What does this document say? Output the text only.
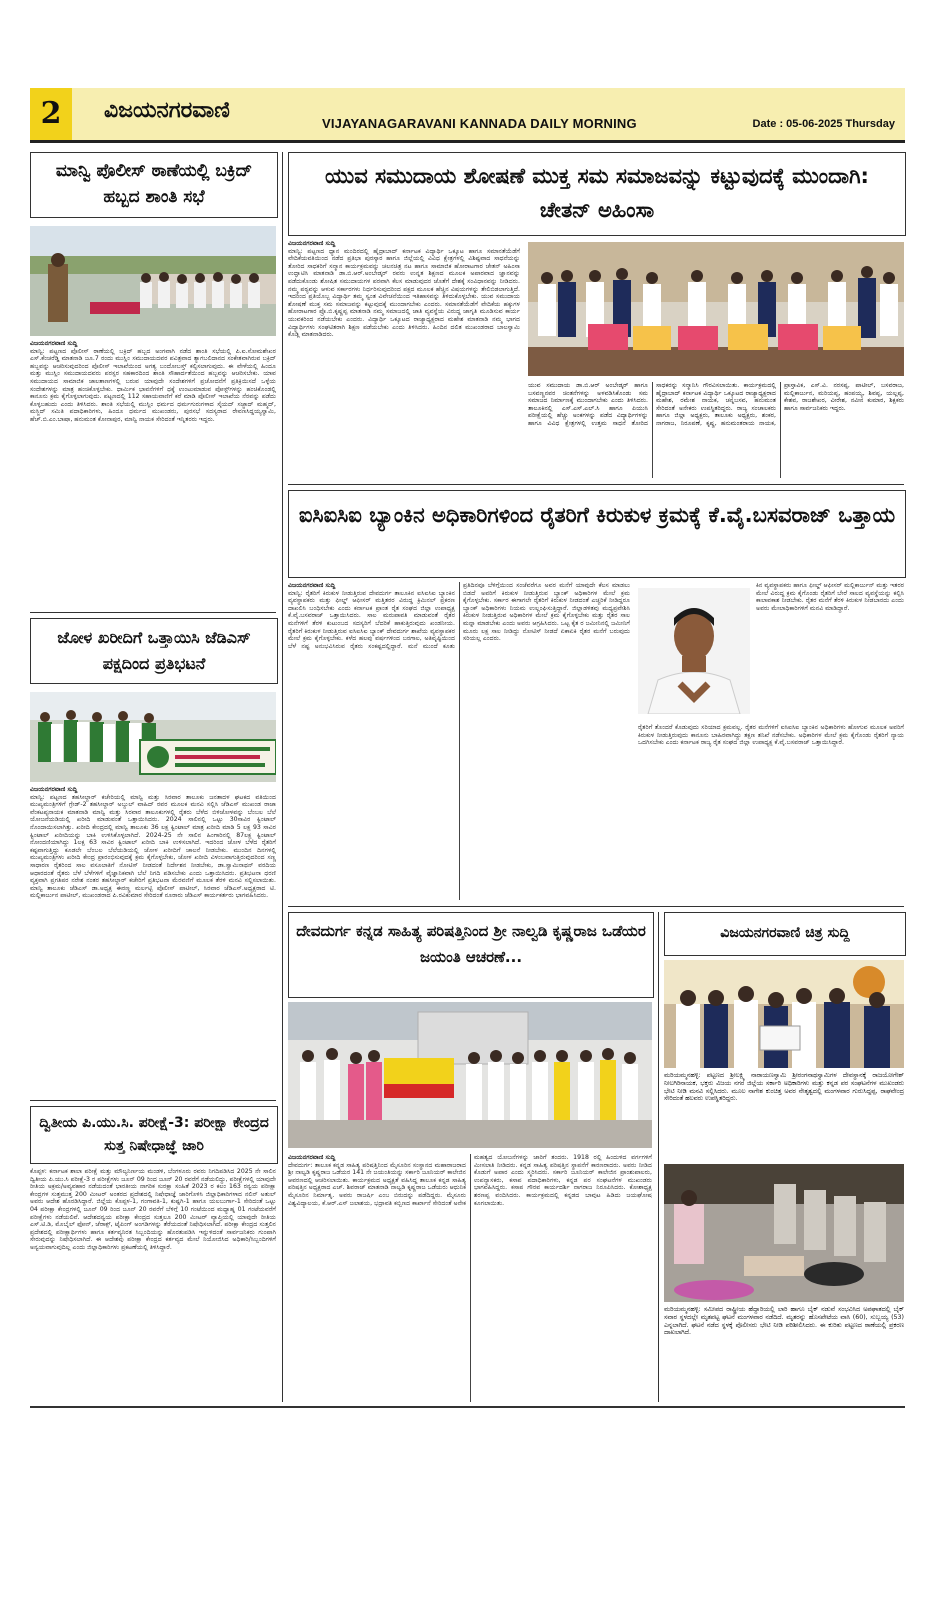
2	ವಿಜಯನಗರವಾಣಿ
VIJAYANAGARAVANI KANNADA DAILY MORNING	Date : 05-06-2025 Thursday
ಮಾನ್ವಿ ಪೊಲೀಸ್ ಠಾಣೆಯಲ್ಲಿ ಬಕ್ರಿದ್ ಹಬ್ಬದ ಶಾಂತಿ ಸಭೆ
ವಿಜಯನಗರವಾಣಿ ಸುದ್ದಿ
ಮಾನ್ವಿ: ಪಟ್ಟಣದ ಪೊಲೀಸ್ ಠಾಣೆಯಲ್ಲಿ ಬಕ್ರಿದ್ ಹಬ್ಬದ ಅಂಗವಾಗಿ ನಡೆದ ಶಾಂತಿ ಸಭೆಯಲ್ಲಿ ಪಿ.ಐ.ಸೋಮಶೇಖರ ಎಸ್.ಕೆಂಚರೆಡ್ಡಿ ಮಾತನಾಡಿ ಜೂ.7 ರಂದು ಮುಸ್ಲಿಂ ಸಮುದಾಯದವರ ಪವಿತ್ರವಾದ ತ್ಯಾಗಬಲಿದಾನದ ಸಂಕೇತವಾಗಿರುವ ಬಕ್ರಿದ್ ಹಬ್ಬವನ್ನು ಆಚರಿಸುವುದರಿಂದ ಪೊಲೀಸ್ ಇಲಾಖೆಯಿಂದ ಅಗತ್ಯ ಬಂದೋಬಸ್ತ್ ಕಲ್ಪಿಸಲಾಗುವುದು. ಈ ವೇಳೆಯಲ್ಲಿ ಹಿಂದೂ ಮತ್ತು ಮುಸ್ಲಿಂ ಸಮುದಾಯದವರು ಪರಸ್ಪರ ಸಹಕಾರದಿಂದ ಶಾಂತಿ ಸೌಹಾರ್ದತೆಯಿಂದ ಹಬ್ಬವನ್ನು ಆಚರಿಸಬೇಕು. ಯಾವ ಸಮುದಾಯದ ಸಾಮಾಜಿಕ ಜಾಲತಾಣಗಳಲ್ಲಿ ಬರುವ ಯಾವುದೇ ಸಂದೇಶಗಳಿಗೆ ಪ್ರಚೋದನೆಗೆ ಪ್ರತಿಕ್ರಿಯಿಸದೆ ಒಳ್ಳೆಯ ಸಂದೇಶಗಳನ್ನು ಮಾತ್ರ ಹಂಚಿಕೊಳ್ಳಬೇಕು. ಧಾರ್ಮಿಕ ಭಾವನೆಗಳಿಗೆ ಧಕ್ಕೆ ಉಂಟುಮಾಡುವ ಪೋಸ್ಟ್‌ಗಳನ್ನು ಹಂಚಿಕೊಂಡಲ್ಲಿ ಕಾನೂನು ಕ್ರಮ ಕೈಗೊಳ್ಳಲಾಗುವುದು. ಪಟ್ಟಣದಲ್ಲಿ 112 ಸಹಾಯವಾಣಿಗೆ ಕರೆ ಮಾಡಿ ಪೊಲೀಸ್ ಇಲಾಖೆಯ ನೆರವನ್ನು ಪಡೆದು ಕೊಳ್ಳಬಹುದು ಎಂದು ತಿಳಿಸಿದರು. ಶಾಂತಿ ಸಭೆಯಲ್ಲಿ ಮುಸ್ಲಿಂ ಧರ್ಮದ ಧರ್ಮಗುರುಗಳಾದ ಸೈಯದ್ ಸಜ್ಜಾದ್ ಮಹ್ಮದ್, ಮಸ್ಜಿದ್ ಸಮಿತಿ ಪದಾಧಿಕಾರಿಗಳು, ಹಿಂದೂ ಧರ್ಮದ ಮುಖಂಡರು, ಪುರಸಭೆ ಸದಸ್ಯರಾದ ರೇವಣಸಿದ್ದಯ್ಯಸ್ವಾಮಿ, ಹೆಚ್.ಬಿ.ಎಂ.ಬಾಷಾ, ಹನುಮಂತ ಕೋನಾಪುರ, ಮಾನ್ವಿ ನಾಯಕ ಸೇರಿದಂತೆ ಇನ್ನಿತರರು ಇದ್ದರು.
ಜೋಳ ಖರೀದಿಗೆ ಒತ್ತಾಯಿಸಿ ಜೆಡಿಎಸ್ ಪಕ್ಷದಿಂದ ಪ್ರತಿಭಟನೆ
ವಿಜಯನಗರವಾಣಿ ಸುದ್ದಿ
ಮಾನ್ವಿ: ಪಟ್ಟಣದ ತಹಸೀಲ್ದಾರ್ ಕಚೇರಿಯಲ್ಲಿ ಮಾನ್ವಿ ಮತ್ತು ಸಿರವಾರ ತಾಲೂಕು ಜನತಾದಳ ಘಟಕದ ವತಿಯಿಂದ ಮುಖ್ಯಮಂತ್ರಿಗಳಿಗೆ ಗ್ರೇಡ್-2 ತಹಸೀಲ್ದಾರ್ ಅಬ್ದುಲ್ ವಾಹಿದ್ ರವರ ಮೂಲಕ ಮನವಿ ಸಲ್ಲಿಸಿ ಜೆಡಿಎಸ್ ಮುಖಂಡ ರಾಜಾ ವೆಂಕಟಪ್ಪನಾಯಕ ಮಾತನಾಡಿ ಮಾನ್ವಿ ಮತ್ತು ಸಿರವಾರ ತಾಲೂಕುಗಳಲ್ಲಿ ರೈತರು ಬೆಳೆದ ಬಿಳಿಜೋಳವನ್ನು ಬೆಂಬಲ ಬೆಲೆ ಯೋಜನೆಯಡಿಯಲ್ಲಿ ಖರೀದಿ ಮಾಡುವಂತೆ ಒತ್ತಾಯಿಸಿದರು. 2024 ಸಾಲಿನಲ್ಲಿ ಒಟ್ಟು 30ಸಾವಿರ ಕ್ವಿಂಟಾಲ್ ನೊಂದಾಯಿಸಲಾಗಿತ್ತು. ಖರೀದಿ ಕೇಂದ್ರದಲ್ಲಿ ಮಾನ್ವಿ ತಾಲೂಕು 36 ಲಕ್ಷ ಕ್ವಿಂಟಾಲ್ ಮಾತ್ರ ಖರೀದಿ ಮಾಡಿ 5 ಲಕ್ಷ 93 ಸಾವಿರ ಕ್ವಿಂಟಾಲ್ ಖರೀದಿಯನ್ನು ಬಾಕಿ ಉಳಿಸಿಕೊಳ್ಳಲಾಗಿದೆ. 2024-25 ನೇ ಸಾಲಿನ ಹಿಂಗಾರಿನಲ್ಲಿ 87ಲಕ್ಷ ಕ್ವಿಂಟಾಲ್ ನೋಂದಣಿಯಾಗಿದ್ದು 1ಲಕ್ಷ 63 ಸಾವಿರ ಕ್ವಿಂಟಾಲ್ ಖರೀದಿ ಬಾಕಿ ಉಳಿಸಲಾಗಿದೆ. ಇದರಿಂದ ಜೋಳ ಬೆಳೆದ ರೈತರಿಗೆ ಕಷ್ಟವಾಗುತ್ತಿದ್ದು ಕೂಡಲೇ ಬೆಂಬಲ ಬೆಲೆಯಡಿಯಲ್ಲಿ ಜೋಳ ಖರೀದಿಗೆ ಚಾಲನೆ ನೀಡಬೇಕು. ಮುಂದಿನ ದಿನಗಳಲ್ಲಿ ಮುಖ್ಯಮಂತ್ರಿಗಳು ಖರೀದಿ ಕೇಂದ್ರ ಪ್ರಾರಂಭಿಸುವುದಕ್ಕೆ ಕ್ರಮ ಕೈಗೊಳ್ಳಬೇಕು, ಜೋಳ ಖರೀದಿ ವಿಳಂಬವಾಗುತ್ತಿರುವುದರಿಂದ ಸಣ್ಣ ಸಾಧಾರಣ ರೈತರಿಂದ ಸಾಲ ವಸೂಲಾತಿಗೆ ನೋಟಿಸ್ ನೀಡದಂತೆ ನಿರ್ದೇಶನ ನೀಡಬೇಕು, ಡಾ.ಸ್ವಾಮಿನಾಥನ್ ವರದಿಯ ಆಧಾರದಂತೆ ರೈತರು ಬೆಳೆ ಬೆಳೆಗಳಿಗೆ ವೈಜ್ಞಾನಿಕವಾಗಿ ಬೆಲೆ ನಿಗದಿ ಪಡಿಸಬೇಕು ಎಂದು ಒತ್ತಾಯಿಸಿದರು. ಪ್ರತಿಭಟನಾ ಧರಣಿ ವ್ಯಕ್ತವಾಗಿ ಪ್ರಗತಿಪರ ನರೇಶ ನಂತರ ತಹಸೀಲ್ದಾರ್ ಕಚೇರಿಗೆ ಪ್ರತಿಭಟನಾ ಮೆರವಣಿಗೆ ಮೂಲಕ ತೆರಳಿ ಮನವಿ ಸಲ್ಲಿಸಲಾಯಿತು. ಮಾನ್ವಿ ತಾಲೂಕು ಜೆಡಿಎಸ್ ಡಾ.ಅಧ್ಯಕ್ಷ ಈರಣ್ಣ ಮರ್ಲಟ್ಟಿ ಪೊಲೀಸ್ ಪಾಟೀಲ್, ಸಿರವಾರ ಜೆಡಿಎಸ್.ಅಧ್ಯಕ್ಷರಾದ ಟಿ. ಮಲ್ಲಿಕಾರ್ಜುನ ಪಾಟೀಲ್, ಮುಖಂಡರಾದ ಪಿ.ರವಿಕುಮಾರ ಸೇರಿದಂತೆ ನೂರಾರು ಜೆಡಿಎಸ್ ಕಾರ್ಯಕರ್ತರು ಭಾಗವಹಿಸಿದರು.
ದ್ವಿತೀಯ ಪಿ.ಯು.ಸಿ. ಪರೀಕ್ಷೆ-3: ಪರೀಕ್ಷಾ ಕೇಂದ್ರದ ಸುತ್ತ ನಿಷೇಧಾಜ್ಞೆ ಜಾರಿ
ಕೊಪ್ಪಳ: ಕರ್ನಾಟಕ ಶಾಲಾ ಪರೀಕ್ಷೆ ಮತ್ತು ಮೌಲ್ಯನಿರ್ಣಯ ಮಂಡಳಿ, ಬೆಂಗಳೂರು ರವರು ನಿಗದಿಪಡಿಸಿದ 2025 ನೇ ಸಾಲಿನ ದ್ವಿತೀಯ ಪಿ.ಯು.ಸಿ ಪರೀಕ್ಷೆ-3 ರ ಪರೀಕ್ಷೆಗಳು ಜೂನ್ 09 ರಿಂದ ಜೂನ್ 20 ರವರೆಗೆ ನಡೆಯಲಿದ್ದು, ಪರೀಕ್ಷೆಗಳಲ್ಲಿ ಯಾವುದೇ ರೀತಿಯ ಅಕ್ರಮ/ಅವ್ಯವಹಾರ ನಡೆಯದಂತೆ ಭಾರತೀಯ ನಾಗರಿಕ ಸುರಕ್ಷಾ ಸಂಹಿತೆ 2023 ರ ಕಲಂ 163 ರನ್ವಯ ಪರೀಕ್ಷಾ ಕೇಂದ್ರಗಳ ಸುತ್ತಮುತ್ತ 200 ಮೀಟರ್ ಅಂತರದ ಪ್ರದೇಶದಲ್ಲಿ ನಿಷೇಧಾಜ್ಞೆ ಜಾರಿಗೊಳಿಸಿ ಜಿಲ್ಲಾಧಿಕಾರಿಗಳಾದ ನಲಿನ್ ಅತುಲ್ ಅವರು ಆದೇಶ ಹೊರಡಿಸಿದ್ದಾರೆ. ಜಿಲ್ಲೆಯ ಕೊಪ್ಪಳ-1, ಗಂಗಾವತಿ-1, ಕುಷ್ಟಗಿ-1 ಹಾಗೂ ಯಲಬುರ್ಗಾ-1 ಸೇರಿದಂತೆ ಒಟ್ಟು 04 ಪರೀಕ್ಷಾ ಕೇಂದ್ರಗಳಲ್ಲಿ ಜೂನ್ 09 ರಿಂದ ಜೂನ್ 20 ರವರೆಗೆ ಬೆಳಿಗ್ಗೆ 10 ಗಂಟೆಯಿಂದ ಮಧ್ಯಾಹ್ನ 01 ಗಂಟೆಯವರೆಗೆ ಪರೀಕ್ಷೆಗಳು ನಡೆಯಲಿವೆ. ಆದೇಶದನ್ವಯ ಪರೀಕ್ಷಾ ಕೇಂದ್ರದ ಸುತ್ತಲೂ 200 ಮೀಟರ್ ವ್ಯಾಪ್ತಿಯಲ್ಲಿ ಯಾವುದೇ ರೀತಿಯ ಎಸ್.ಟಿ.ಡಿ, ಮೊಬೈಲ್ ಫೋನ್, ಜೆರಾಕ್ಸ್, ಟೈಪಿಂಗ್ ಅಂಗಡಿಗಳನ್ನು ತೆರೆಯದಂತೆ ನಿಷೇಧಿಸಲಾಗಿದೆ. ಪರೀಕ್ಷಾ ಕೇಂದ್ರದ ಸುತ್ತಲಿನ ಪ್ರದೇಶದಲ್ಲಿ ಪರೀಕ್ಷಾರ್ಥಿಗಳು ಹಾಗೂ ಕರ್ತವ್ಯನಿರತ ಸಿಬ್ಬಂದಿಯನ್ನು ಹೊರತುಪಡಿಸಿ ಇನ್ನುಳಿದಂತೆ ಸಾರ್ವಜನಿಕರು ಗುಂಪಾಗಿ ಸೇರುವುದನ್ನು ನಿಷೇಧಿಸಲಾಗಿದೆ. ಈ ಆದೇಶವು ಪರೀಕ್ಷಾ ಕೇಂದ್ರದ ಕರ್ತವ್ಯದ ಮೇಲೆ ನಿಯೋಜಿಸಿದ ಅಧಿಕಾರಿ/ಸಿಬ್ಬಂದಿಗಳಿಗೆ ಅನ್ವಯವಾಗುವುದಿಲ್ಲ ಎಂದು ಜಿಲ್ಲಾಧಿಕಾರಿಗಳು ಪ್ರಕಟಣೆಯಲ್ಲಿ ತಿಳಿಸಿದ್ದಾರೆ.
ಯುವ ಸಮುದಾಯ ಶೋಷಣೆ ಮುಕ್ತ ಸಮ ಸಮಾಜವನ್ನು ಕಟ್ಟುವುದಕ್ಕೆ ಮುಂದಾಗಿ: ಚೇತನ್ ಅಹಿಂಸಾ
ವಿಜಯನಗರವಾಣಿ ಸುದ್ದಿ
ಮಾನ್ವಿ: ಪಟ್ಟಣದ ಧ್ಯಾನ ಮಂದಿರದಲ್ಲಿ ಹೈದ್ರಾಬಾದ್ ಕರ್ನಾಟಕ ವಿದ್ಯಾರ್ಥಿ ಒಕ್ಕೂಟ ಹಾಗೂ ಸಮಾನತೆಯೆಡೆಗೆ ವೇದಿಕೆಯವತಿಯಿಂದ ನಡೆದ ಪ್ರತಿಭಾ ಪುರಸ್ಕಾರ ಹಾಗೂ ಜಿಲ್ಲೆಯಲ್ಲಿ ವಿವಿಧ ಕ್ಷೇತ್ರಗಳಲ್ಲಿ ವಿಶಿಷ್ಟವಾದ ಸಾಧನೆಯನ್ನು ತೋರಿದ ಸಾಧಕರಿಗೆ ಸನ್ಮಾನ ಕಾರ್ಯಕ್ರಮವನ್ನು ಚಲನಚಿತ್ರ ನಟ ಹಾಗೂ ಸಾಮಾಜಿಕ ಹೋರಾಟಗಾರ ಚೇತನ್ ಅಹಿಂಸಾ ಉದ್ಘಾಟಿಸಿ ಮಾತನಾಡಿ ಡಾ.ಬಿ.ಆರ್.ಅಂಬೇಡ್ಕರ್ ರವರು ಉನ್ನತ ಶಿಕ್ಷಣದ ಮೂಲಕ ಅಪಾರವಾದ ಜ್ಞಾನವನ್ನು ಪಡೆದುಕೊಂಡು ಶೋಷಿತ ಸಮುದಾಯಗಳ ಪರವಾಗಿ ಕೆಲಸ ಮಾಡುವುದರ ಜೊತೆಗೆ ದೇಶಕ್ಕೆ ಸಂವಿಧಾನವನ್ನು ನೀಡಿದರು. ನಮ್ಮ ಪಠ್ಯವನ್ನು ಆಳುವ ಸರ್ಕಾರಗಳು ನಿರ್ಧರಿಸುವುದರಿಂದ ಪಕ್ಷದ ಮೂಲಕ ಹೆಚ್ಚಿನ ವಿಷಯಗಳನ್ನು ತೇಲಿಬಿಡಲಾಗುತ್ತಿದೆ. ಇದರಿಂದ ಪ್ರತಿಯೊಬ್ಬ ವಿದ್ಯಾರ್ಥಿ ತಮ್ಮ ಸ್ವಂತ ವಿವೇಚನೆಯಿಂದ ಇತಿಹಾಸವನ್ನು ತಿಳಿದುಕೊಳ್ಳಬೇಕು. ಯುವ ಸಮುದಾಯ ಶೋಷಣೆ ಮುಕ್ತ ಸಮ ಸಮಾಜವನ್ನು ಕಟ್ಟುವುದಕ್ಕೆ ಮುಂದಾಗಬೇಕು ಎಂದರು. ಸಮಾನತೆಯೆಡೆಗೆ ವೇದಿಕೆಯ ಹಕ್ಕುಗಳ ಹೋರಾಟಗಾರ ಪ್ರೊ.ಬಿ.ಕೃಷ್ಣಪ್ಪ ಮಾತನಾಡಿ ನಮ್ಮ ಸಮಾಜದಲ್ಲಿ ಜಾತಿ ವ್ಯವಸ್ಥೆಯ ವಿರುದ್ಧ ಜಾಗೃತಿ ಮೂಡಿಸುವ ಕಾರ್ಯ ಯುವಕರಿಂದ ನಡೆಯಬೇಕು ಎಂದರು. ವಿದ್ಯಾರ್ಥಿ ಒಕ್ಕೂಟದ ರಾಜ್ಯಾಧ್ಯಕ್ಷರಾದ ಮಹೇಶ ಮಾತನಾಡಿ ನಮ್ಮ ಭಾಗದ ವಿದ್ಯಾರ್ಥಿಗಳು ಸಂಘಟಿತರಾಗಿ ಶಿಕ್ಷಣ ಪಡೆಯಬೇಕು ಎಂದು ತಿಳಿಸಿದರು. ಹಿಂದಿನ ದಲಿತ ಮುಖಂಡರಾದ ಬಾಲಸ್ವಾಮಿ ಕೊಡ್ಲಿ ಮಾತನಾಡಿದರು.
ಯುವ ಸಮುದಾಯ ಡಾ.ಬಿ.ಆರ್ ಅಂಬೇಡ್ಕರ್ ಹಾಗೂ ಬಸವಣ್ಣನವರ ಚಿಂತನೆಗಳನ್ನು ಅಳವಡಿಸಿಕೊಂಡು ಸಮ ಸಮಾಜದ ನಿರ್ಮಾಣಕ್ಕೆ ಮುಂದಾಗಬೇಕು ಎಂದು ತಿಳಿಸಿದರು. ತಾಲೂಕಿನಲ್ಲಿ ಎಸ್.ಎಸ್.ಎಲ್.ಸಿ ಹಾಗೂ ಪಿಯುಸಿ ಪರೀಕ್ಷೆಯಲ್ಲಿ ಹೆಚ್ಚು ಅಂಕಗಳನ್ನು ಪಡೆದ ವಿದ್ಯಾರ್ಥಿಗಳನ್ನು ಹಾಗೂ ವಿವಿಧ ಕ್ಷೇತ್ರಗಳಲ್ಲಿ ಉತ್ತಮ ಸಾಧನೆ ತೋರಿದ ಸಾಧಕರನ್ನು ಸನ್ಮಾನಿಸಿ ಗೌರವಿಸಲಾಯಿತು. ಕಾರ್ಯಕ್ರಮದಲ್ಲಿ ಹೈದ್ರಾಬಾದ್ ಕರ್ನಾಟಕ ವಿದ್ಯಾರ್ಥಿ ಒಕ್ಕೂಟದ ರಾಜ್ಯಾಧ್ಯಕ್ಷರಾದ ಮಹೇಶ, ರಮೇಶ ನಾಯಕ, ಚನ್ನಬಸವ, ಹನುಮಂತ ಸೇರಿದಂತೆ ಅನೇಕರು ಉಪಸ್ಥಿತರಿದ್ದರು. ರಾಜ್ಯ ಸಂಚಾಲಕರು ಹಾಗೂ ಜಿಲ್ಲಾ ಅಧ್ಯಕ್ಷರು, ತಾಲೂಕು ಅಧ್ಯಕ್ಷರು, ಶಂಕರ, ನಾಗರಾಜ, ನಿರೂಪಣೆ, ಕೃಷ್ಣ, ಹನುಮಂತರಾಯ ನಾಯಕ, ಪ್ರಾಸ್ತಾವಿಕ, ಎಸ್.ವಿ. ನರಸಪ್ಪ, ಪಾಟೀಲ್, ಬಸವರಾಜ, ಮಲ್ಲಿಕಾರ್ಜುನ, ಮರಿಯಪ್ಪ, ಹಂಪಯ್ಯ, ಶಿವಪ್ಪ, ಯಲ್ಲಪ್ಪ, ಕೇಶವ, ರಾಜಶೇಖರ, ವೀರೇಶ, ನವೀನ ಕುಮಾರ, ಶಿಕ್ಷಕರು ಹಾಗೂ ಸಾರ್ವಜನಿಕರು ಇದ್ದರು.
ಐಸಿಐಸಿಐ ಬ್ಯಾಂಕಿನ ಅಧಿಕಾರಿಗಳಿಂದ ರೈತರಿಗೆ ಕಿರುಕುಳ ಕ್ರಮಕ್ಕೆ ಕೆ.ವೈ.ಬಸವರಾಜ್ ಒತ್ತಾಯ
ವಿಜಯನಗರವಾಣಿ ಸುದ್ದಿ
ಮಾನ್ವಿ: ರೈತರಿಗೆ ಕಿರುಕುಳ ನೀಡುತ್ತಿರುವ ದೇವದುರ್ಗ ತಾಲೂಕಿನ ಐಸಿಐಸಿಐ ಬ್ಯಾಂಕಿನ ವ್ಯವಸ್ಥಾಪಕರು ಮತ್ತು ಫೀಲ್ಡ್ ಆಫೀಸರ್ ಮತ್ತಿತರರ ವಿರುದ್ಧ ಕ್ರಿಮಿನಲ್ ಪ್ರಕರಣ ದಾಖಲಿಸಿ ಬಂಧಿಸಬೇಕು ಎಂದು ಕರ್ನಾಟಕ ಪ್ರಾಂತ ರೈತ ಸಂಘದ ಜಿಲ್ಲಾ ಉಪಾಧ್ಯಕ್ಷ ಕೆ.ವೈ.ಬಸವರಾಜ್ ಒತ್ತಾಯಿಸಿದರು. ಸಾಲ ಮರುಪಾವತಿ ಮಾಡುವಂತೆ ರೈತರ ಮನೆಗಳಿಗೆ ತೆರಳಿ ಕುಟುಂಬದ ಸದಸ್ಯರಿಗೆ ಬೆದರಿಕೆ ಹಾಕುತ್ತಿರುವುದು ಖಂಡನೀಯ. ರೈತರಿಗೆ ಕಿರುಕುಳ ನೀಡುತ್ತಿರುವ ಐಸಿಐಸಿಐ ಬ್ಯಾಂಕ್ ದೇವದುರ್ಗ ಶಾಖೆಯ ವ್ಯವಸ್ಥಾಪಕರ ಮೇಲೆ ಕ್ರಮ ಕೈಗೊಳ್ಳಬೇಕು. ಕಳೆದ ಹಲವು ವರ್ಷಗಳಿಂದ ಬರಗಾಲ, ಅತಿವೃಷ್ಟಿಯಿಂದ ಬೆಳೆ ನಷ್ಟ ಅನುಭವಿಸಿರುವ ರೈತರು ಸಂಕಷ್ಟದಲ್ಲಿದ್ದಾರೆ. ಮನೆ ಮುಂದೆ ಕೂತು ಪ್ರತಿದಿನವೂ ಬೆಳಿಗ್ಗೆಯಿಂದ ಸಂಜೆವರೆಗೂ ಅವರ ಮನೆಗೆ ಯಾವುದೇ ಕೆಲಸ ಮಾಡಲು ಬಿಡದೆ ಅವರಿಗೆ ಕಿರುಕುಳ ನೀಡುತ್ತಿರುವ ಬ್ಯಾಂಕ್ ಅಧಿಕಾರಿಗಳ ಮೇಲೆ ಕ್ರಮ ಕೈಗೊಳ್ಳಬೇಕು. ಸರ್ಕಾರ ಈಗಾಗಲೇ ರೈತರಿಗೆ ಕಿರುಕುಳ ನೀಡದಂತೆ ಎಚ್ಚರಿಕೆ ನೀಡಿದ್ದರೂ ಬ್ಯಾಂಕ್ ಅಧಿಕಾರಿಗಳು ನಿಯಮ ಉಲ್ಲಂಘಿಸುತ್ತಿದ್ದಾರೆ. ಜಿಲ್ಲಾಡಳಿತವು ಮಧ್ಯಪ್ರವೇಶಿಸಿ ಕಿರುಕುಳ ನೀಡುತ್ತಿರುವ ಅಧಿಕಾರಿಗಳ ಮೇಲೆ ಕ್ರಮ ಕೈಗೊಳ್ಳಬೇಕು ಮತ್ತು ರೈತರ ಸಾಲ ಮನ್ನಾ ಮಾಡಬೇಕು ಎಂದು ಅವರು ಆಗ್ರಹಿಸಿದರು. ಒಟ್ಟ ಕೈತ ರ ಜಮೀನಿನಲ್ಲಿ ಜಮೀನಿಗೆ ಮೂರು ಲಕ್ಷ ಸಾಲ ನೀಡಿದ್ದು ನೋಟಿಸ್ ನೀಡದೆ ಏಕಾಏಕಿ ರೈತರ ಮನೆಗೆ ಬರುವುದು ಸರಿಯಲ್ಲ ಎಂದರು.
ಕಿನ ವ್ಯವಸ್ಥಾಪಕರು ಹಾಗೂ ಫೀಲ್ಡ್ ಆಫೀಸರ್ ಮಲ್ಲಿಕಾರ್ಜುನ್ ಮತ್ತು ಇತರರ ಮೇಲೆ ವಿರುದ್ಧ ಕ್ರಮ ಕೈಗೊಂಡು ರೈತರಿಗೆ ಬೇರೆ ಸಾಲದ ವ್ಯವಸ್ಥೆಯನ್ನು ಕಲ್ಪಿಸಿ ಕಾಲಾವಕಾಶ ನೀಡಬೇಕು. ರೈತರ ಮನೆಗೆ ತೆರಳಿ ಕಿರುಕುಳ ನೀಡಬಾರದು ಎಂದು ಅವರು ಮೇಲಾಧಿಕಾರಿಗಳಿಗೆ ಮನವಿ ಮಾಡಿದ್ದಾರೆ.
ರೈತರಿಗೆ ತೊಂದರೆ ಕೊಡುವುದು ಸರಿಯಾದ ಕ್ರಮವಲ್ಲ. ರೈತರ ಮನೆಗಳಿಗೆ ಐಸಿಐಸಿಐ ಬ್ಯಾಂಕಿನ ಅಧಿಕಾರಿಗಳು ಹೋಗುವ ಮೂಲಕ ಅವರಿಗೆ ಕಿರುಕುಳ ನೀಡುತ್ತಿರುವುದು ಕಾನೂನು ಬಾಹಿರವಾಗಿದ್ದು ತಕ್ಷಣ ತನಿಖೆ ನಡೆಸಬೇಕು. ಅಧಿಕಾರಿಗಳ ಮೇಲೆ ಕ್ರಮ ಕೈಗೊಂಡು ರೈತರಿಗೆ ನ್ಯಾಯ ಒದಗಿಸಬೇಕು ಎಂದು ಕರ್ನಾಟಕ ರಾಜ್ಯ ರೈತ ಸಂಘದ ಜಿಲ್ಲಾ ಉಪಾಧ್ಯಕ್ಷ ಕೆ.ವೈ.ಬಸವರಾಜ್ ಒತ್ತಾಯಿಸಿದ್ದಾರೆ.
ದೇವದುರ್ಗ ಕನ್ನಡ ಸಾಹಿತ್ಯ ಪರಿಷತ್ತಿನಿಂದ ಶ್ರೀ ನಾಲ್ವಡಿ ಕೃಷ್ಣರಾಜ ಒಡೆಯರ ಜಯಂತಿ ಆಚರಣೆ...
ವಿಜಯನಗರವಾಣಿ ಸುದ್ದಿ
ದೇವದುರ್ಗ: ತಾಲೂಕ ಕನ್ನಡ ಸಾಹಿತ್ಯ ಪರಿಷತ್ತಿನಿಂದ ಮೈಸೂರಿನ ಸಂಸ್ಥಾನದ ಮಹಾರಾಜರಾದ ಶ್ರೀ ನಾಲ್ವಡಿ ಕೃಷ್ಣರಾಜ ಒಡೆಯರ 141 ನೇ ಜಯಂತಿಯನ್ನು ಸರ್ಕಾರಿ ಜೂನಿಯರ್ ಕಾಲೇಜಿನ ಆವರಣದಲ್ಲಿ ಆಚರಿಸಲಾಯಿತು. ಕಾರ್ಯಕ್ರಮದ ಅಧ್ಯಕ್ಷತೆ ವಹಿಸಿದ್ದ ತಾಲೂಕ ಕನ್ನಡ ಸಾಹಿತ್ಯ ಪರಿಷತ್ತಿನ ಅಧ್ಯಕ್ಷರಾದ ಎಚ್. ಶಿವರಾಜ್ ಮಾತನಾಡಿ ನಾಲ್ವಡಿ ಕೃಷ್ಣರಾಜ ಒಡೆಯರು ಆಧುನಿಕ ಮೈಸೂರಿನ ನಿರ್ಮಾತೃ. ಅವರು ರಾಜರ್ಷಿ ಎಂಬ ಬಿರುದನ್ನು ಪಡೆದಿದ್ದರು. ಮೈಸೂರು ವಿಶ್ವವಿದ್ಯಾಲಯ, ಕೆ.ಆರ್.ಎಸ್ ಜಲಾಶಯ, ಭದ್ರಾವತಿ ಕಬ್ಬಿಣದ ಕಾರ್ಖಾನೆ ಸೇರಿದಂತೆ ಅನೇಕ ಮಹತ್ವದ ಯೋಜನೆಗಳನ್ನು ಜಾರಿಗೆ ತಂದರು. 1918 ರಲ್ಲಿ ಹಿಂದುಳಿದ ವರ್ಗಗಳಿಗೆ ಮೀಸಲಾತಿ ನೀಡಿದರು. ಕನ್ನಡ ಸಾಹಿತ್ಯ ಪರಿಷತ್ತಿನ ಸ್ಥಾಪನೆಗೆ ಕಾರಣರಾದರು. ಅವರು ನೀಡಿದ ಕೊಡುಗೆ ಅಪಾರ ಎಂದು ಸ್ಮರಿಸಿದರು. ಸರ್ಕಾರಿ ಜೂನಿಯರ್ ಕಾಲೇಜಿನ ಪ್ರಾಂಶುಪಾಲರು, ಉಪನ್ಯಾಸಕರು, ಕಸಾಪ ಪದಾಧಿಕಾರಿಗಳು, ಕನ್ನಡ ಪರ ಸಂಘಟನೆಗಳ ಮುಖಂಡರು ಭಾಗವಹಿಸಿದ್ದರು. ಕಸಾಪ ಗೌರವ ಕಾರ್ಯದರ್ಶಿ ನಾಗರಾಜ ನಿರೂಪಿಸಿದರು. ಕೋಶಾಧ್ಯಕ್ಷ ಶರಣಪ್ಪ ವಂದಿಸಿದರು. ಕಾರ್ಯಕ್ರಮದಲ್ಲಿ ಕನ್ನಡದ ಬಾವುಟ ಹಿಡಿದು ಜಯಘೋಷ ಕೂಗಲಾಯಿತು.
ವಿಜಯನಗರವಾಣಿ ಚಿತ್ರ ಸುದ್ದಿ
ಮರಿಯಮ್ಮನಹಳ್ಳಿ: ಪಟ್ಟಣದ ಶ್ರೀಲಕ್ಷ್ಮಿ ನಾರಾಯಣಸ್ವಾಮಿ ಶ್ರೀರಂಗನಾಥಸ್ವಾಮಿಗಳ ದೇವಸ್ಥಾನಕ್ಕೆ ರಾಜಯೋಗೇಶ್ ನೀಲಗಿರಿನಾಯಕ, ಭಕ್ತರು ವಿಜಯ ನಗರ ಜಿಲ್ಲೆಯ ಸರ್ಕಾರಿ ಅಧಿಕಾರಿಗಳು ಮತ್ತು ಕನ್ನಡ ಪರ ಸಂಘಟನೆಗಳ ಮುಖಂಡರು ಭೇಟಿ ನೀಡಿ ಮನವಿ ಸಲ್ಲಿಸಿದರು. ಮೂಲ ನಾಗೇಶ ಕುಂಚಿತ್ತ ಅವರ ನೇತೃತ್ವದಲ್ಲಿ ಮಂಗಳವಾರ ಗುರುಸಿದ್ದಪ್ಪ, ರಾಘವೇಂದ್ರ ಸೇರಿದಂತೆ ಹಲವರು ಉಪಸ್ಥಿತರಿದ್ದರು.
ಮರಿಯಮ್ಮನಹಳ್ಳಿ: ಸಮೀಪದ ರಾಷ್ಟ್ರೀಯ ಹೆದ್ದಾರಿಯಲ್ಲಿ ಲಾರಿ ಹಾಗೂ ಬೈಕ್ ನಡುವೆ ಸಂಭವಿಸಿದ ಅಪಘಾತದಲ್ಲಿ ಬೈಕ್ ಸವಾರ ಸ್ಥಳದಲ್ಲೇ ಮೃತಪಟ್ಟ ಘಟನೆ ಮಂಗಳವಾರ ನಡೆದಿದೆ. ಮೃತರನ್ನು ಹೊಸಪೇಟೆಯ ವಾಸಿ (60), ಸುಬ್ಬಯ್ಯ (53) ಎನ್ನಲಾಗಿದೆ. ಘಟನೆ ನಡೆದ ಸ್ಥಳಕ್ಕೆ ಪೊಲೀಸರು ಭೇಟಿ ನೀಡಿ ಪರಿಶೀಲಿಸಿದರು. ಈ ಕುರಿತು ಪಟ್ಟಣದ ಠಾಣೆಯಲ್ಲಿ ಪ್ರಕರಣ ದಾಖಲಾಗಿದೆ.
